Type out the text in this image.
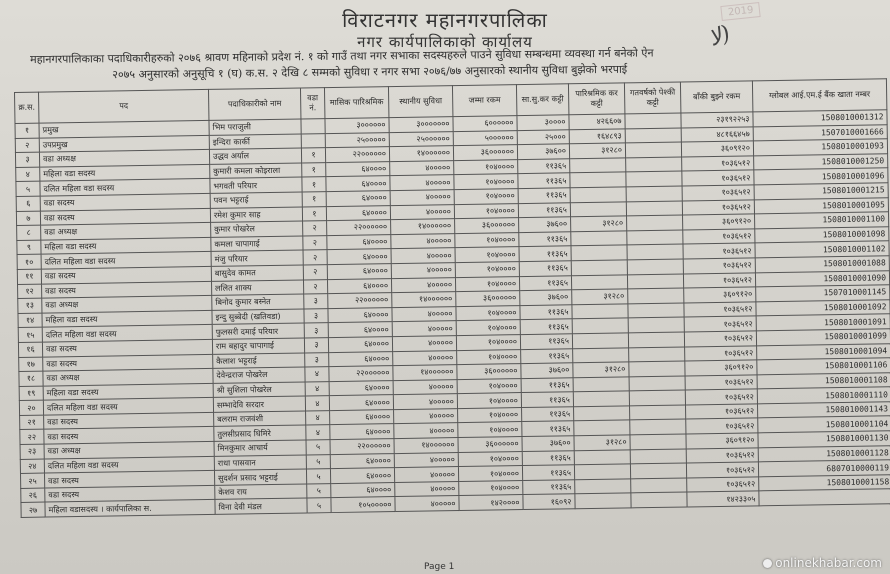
विराटनगर महानगरपालिका
नगर कार्यपालिकाको कार्यालय
2019
ﻻ)
महानगरपालिकाका पदाधिकारीहरुको २०७६ श्रावण महिनाको प्रदेश नं. १ को गाउँ तथा नगर सभाका सदस्यहरुले पाउने सुविधा सम्बन्धमा व्यवस्था गर्न बनेको ऐन
२०७५ अनुसारको अनुसूचि १ (घ) क.स. २ देखि ८ सम्मको सुविधा र नगर सभा २०७६/७७ अनुसारको स्थानीय सुविधा बुझेको भरपाई
क्र.स.	पद	पदाधिकारीको नाम	वडा नं.	मासिक पारिश्रमिक	स्थानीय सुविधा	जम्मा रकम	सा.सु.कर कट्टी	पारिश्रमिक कर कट्टी	गतवर्षको पेश्की कट्टी	बाँकी बुझ्ने रकम	ग्लोबल आई.एम.ई बैंक खाता नम्बर
१	प्रमुख	भिम पराजुली		३००००००	३०००००००	६००००००	३००००	४२६६०७		२३१९२२५३	1508010001312
२	उपप्रमुख	इन्दिरा कार्की		२५०००००	२५००००००	५००००००	२५०००	१६४८९३		४८१६६४५७	1507010001666
३	वडा अध्यक्ष	उद्धव अर्याल	१	२२००००००	१४००००००	३६००००००	३७६००	३१२८०		३६०९१२०	1508010001093
४	महिला वडा सदस्य	कुमारी कमला कोइराला	१	६४००००	४०००००	१०४००००	११३६५			१०३६५१२	1508010001250
५	दलित महिला वडा सदस्य	भगवती परियार	१	६४००००	४०००००	१०४००००	११३६५			१०३६५१२	1508010001096
६	वडा सदस्य	पवन भट्टराई	१	६४००००	४०००००	१०४००००	११३६५			१०३६५१२	1508010001215
७	वडा सदस्य	रमेश कुमार साह	१	६४००००	४०००००	१०४००००	११३६५			१०३६५१२	1508010001095
८	वडा अध्यक्ष	कुमार पोखरेल	२	२२००००००	१४००००००	३६००००००	३७६००	३१२८०		३६०९१२०	1508010001100
९	महिला वडा सदस्य	कमला चापागाई	२	६४००००	४०००००	१०४००००	११३६५			१०३६५१२	1508010001098
१०	दलित महिला वडा सदस्य	मंजु परियार	२	६४००००	४०००००	१०४००००	११३६५			१०३६५१२	1508010001102
११	वडा सदस्य	बासुदेव कामत	२	६४००००	४०००००	१०४००००	११३६५			१०३६५१२	1508010001088
१२	वडा सदस्य	ललित शाक्य	२	६४००००	४०००००	१०४००००	११३६५			१०३६५१२	1508010001090
१३	वडा अध्यक्ष	बिनोद कुमार बस्नेत	३	२२००००००	१४००००००	३६००००००	३७६००	३१२८०		३६०९१२०	1507010001145
१४	महिला वडा सदस्य	इन्दु सुब्बेदी (खतिवडा)	३	६४००००	४०००००	१०४००००	११३६५			१०३६५१२	1508010001092
१५	दलित महिला वडा सदस्य	फुलसरी दमाई परियार	३	६४००००	४०००००	१०४००००	११३६५			१०३६५१२	1508010001091
१६	वडा सदस्य	राम बहादुर चापागाई	३	६४००००	४०००००	१०४००००	११३६५			१०३६५१२	1508010001099
१७	वडा सदस्य	कैलाश भट्टराई	३	६४००००	४०००००	१०४००००	११३६५			१०३६५१२	1508010001094
१८	वडा अध्यक्ष	देवेन्द्रराज पोखरेल	४	२२००००००	१४००००००	३६००००००	३७६००	३१२८०		३६०९१२०	1508010001106
१९	महिला वडा सदस्य	श्री सुशिला पोखरेल	४	६४००००	४०००००	१०४००००	११३६५			१०३६५१२	1508010001108
२०	दलित महिला वडा सदस्य	सम्भादेवि सरदार	४	६४००००	४०००००	१०४००००	११३६५			१०३६५१२	1508010001110
२१	वडा सदस्य	बलराम राजवंशी	४	६४००००	४०००००	१०४००००	११३६५			१०३६५१२	1508010001143
२२	वडा सदस्य	तुलसीप्रसाद धिमिरे	४	६४००००	४०००००	१०४००००	११३६५			१०३६५१२	1508010001104
२३	वडा अध्यक्ष	मिनकुमार आचार्य	५	२२००००००	१४००००००	३६००००००	३७६००	३१२८०		३६०९१२०	1508010001130
२४	दलित महिला वडा सदस्य	राधा पासवान	५	६४००००	४०००००	१०४००००	११३६५			१०३६५१२	1508010001128
२५	वडा सदस्य	सुदर्शन प्रसाद भट्टराई	५	६४००००	४०००००	१०४००००	११३६५			१०३६५१२	6807010000119
२६	वडा सदस्य	केशव राय	५	६४००००	४०००००	१०४००००	११३६५			१०३६५१२	1508010001158
२७	महिला वडासदस्य । कार्यपालिका स.	विना देवी मंडल	५	१०५०००००	४०००००	१४२००००	१६०९२			१४२३३०५	
Page 1	onlinekhabar.com
